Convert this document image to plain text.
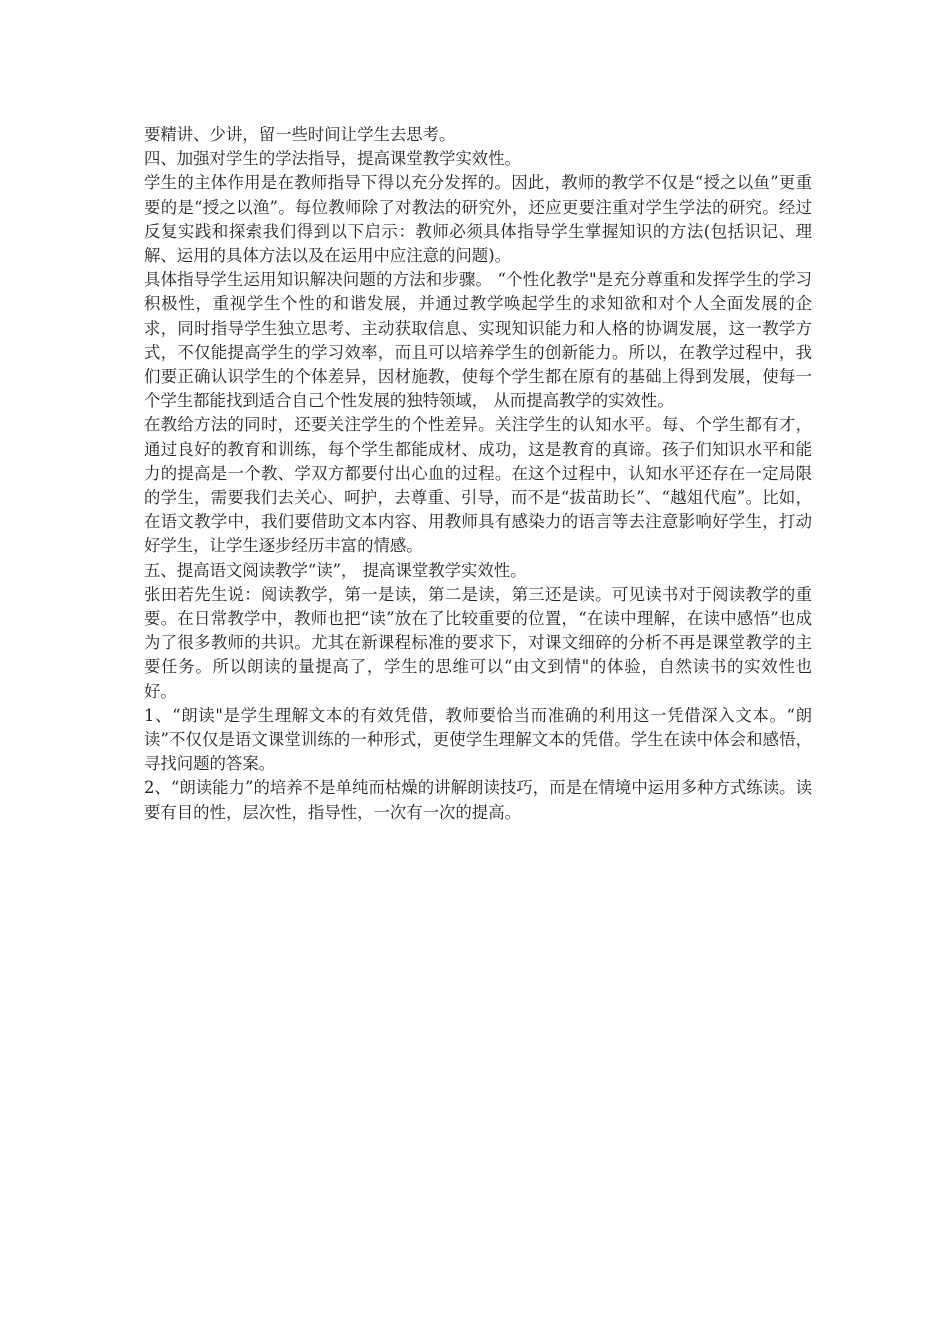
要精讲、少讲，留一些时间让学生去思考。

四、加强对学生的学法指导，提高课堂教学实效性。

学生的主体作用是在教师指导下得以充分发挥的。因此，教师的教学不仅是“授之以鱼”更重要的是“授之以渔”。每位教师除了对教法的研究外，还应更要注重对学生学法的研究。经过反复实践和探索我们得到以下启示：教师必须具体指导学生掌握知识的方法(包括识记、理解、运用的具体方法以及在运用中应注意的问题)。

具体指导学生运用知识解决问题的方法和步骤。 “个性化教学"是充分尊重和发挥学生的学习积极性，重视学生个性的和谐发展，并通过教学唤起学生的求知欲和对个人全面发展的企求，同时指导学生独立思考、主动获取信息、实现知识能力和人格的协调发展，这一教学方式，不仅能提高学生的学习效率，而且可以培养学生的创新能力。所以，在教学过程中，我们要正确认识学生的个体差异，因材施教，使每个学生都在原有的基础上得到发展，使每一个学生都能找到适合自己个性发展的独特领域， 从而提高教学的实效性。

在教给方法的同时，还要关注学生的个性差异。关注学生的认知水平。每、个学生都有才，通过良好的教育和训练，每个学生都能成材、成功，这是教育的真谛。孩子们知识水平和能力的提高是一个教、学双方都要付出心血的过程。在这个过程中，认知水平还存在一定局限的学生，需要我们去关心、呵护，去尊重、引导，而不是“拔苗助长”、“越俎代庖”。比如，在语文教学中，我们要借助文本内容、用教师具有感染力的语言等去注意影响好学生，打动好学生，让学生逐步经历丰富的情感。

五、提高语文阅读教学“读”， 提高课堂教学实效性。

张田若先生说：阅读教学，第一是读，第二是读，第三还是读。可见读书对于阅读教学的重要。在日常教学中，教师也把“读”放在了比较重要的位置，“在读中理解，在读中感悟”也成为了很多教师的共识。尤其在新课程标准的要求下，对课文细碎的分析不再是课堂教学的主要任务。所以朗读的量提高了，学生的思维可以“由文到情"的体验，自然读书的实效性也好。

1、“朗读"是学生理解文本的有效凭借，教师要恰当而准确的利用这一凭借深入文本。“朗读”不仅仅是语文课堂训练的一种形式，更使学生理解文本的凭借。学生在读中体会和感悟，寻找问题的答案。

2、“朗读能力”的培养不是单纯而枯燥的讲解朗读技巧，而是在情境中运用多种方式练读。读要有目的性，层次性，指导性，一次有一次的提高。
